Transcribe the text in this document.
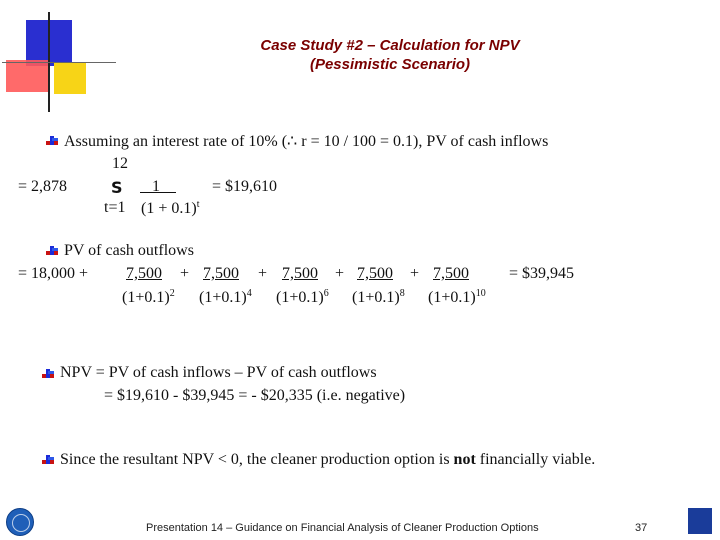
Case Study #2 – Calculation for NPV
(Pessimistic Scenario)
Assuming an interest rate of 10% (∴ r = 10 / 100 = 0.1), PV of cash inflows
12
= 2,878	S	1	= $19,610
t=1 $(1 + 0.1)^t$
PV of cash outflows
= 18,000 + 7,500 + 7,500 + 7,500 + 7,500 + 7,500	= $39,945
$(1+0.1)^2$ $(1+0.1)^4$ $(1+0.1)^6$ $(1+0.1)^8$ $(1+0.1)^{10}$
NPV = PV of cash inflows – PV of cash outflows
= $19,610 - $39,945 = - $20,335 (i.e. negative)
Since the resultant NPV < 0, the cleaner production option is not financially viable.
Presentation 14 – Guidance on Financial Analysis of Cleaner Production Options	37
